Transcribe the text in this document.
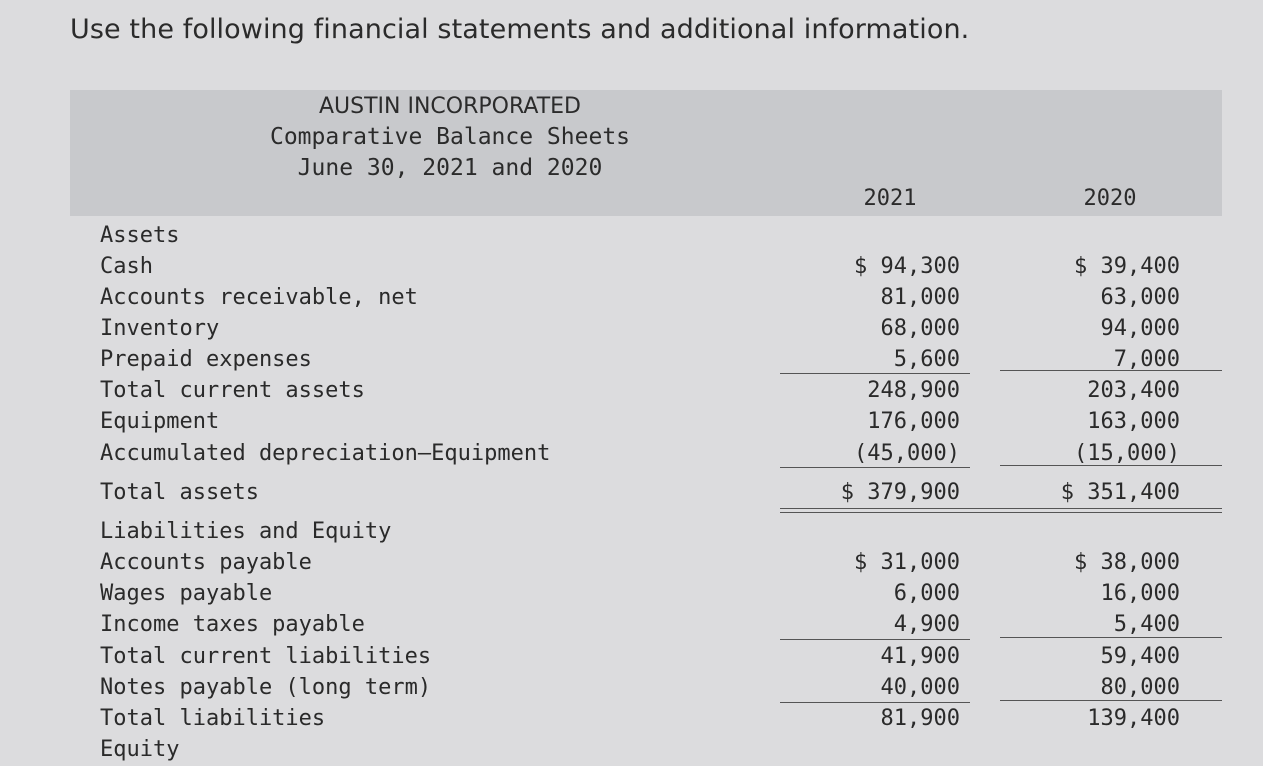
Use the following financial statements and additional information.
AUSTIN INCORPORATED
Comparative Balance Sheets
June 30, 2021 and 2020
2021	2020
Assets
Cash	$ 94,300	$ 39,400
Accounts receivable, net	81,000	63,000
Inventory	68,000	94,000
Prepaid expenses	5,600	7,000
Total current assets	248,900	203,400
Equipment	176,000	163,000
Accumulated depreciation—Equipment	(45,000)	(15,000)
Total assets	$ 379,900	$ 351,400
Liabilities and Equity
Accounts payable	$ 31,000	$ 38,000
Wages payable	6,000	16,000
Income taxes payable	4,900	5,400
Total current liabilities	41,900	59,400
Notes payable (long term)	40,000	80,000
Total liabilities	81,900	139,400
Equity
